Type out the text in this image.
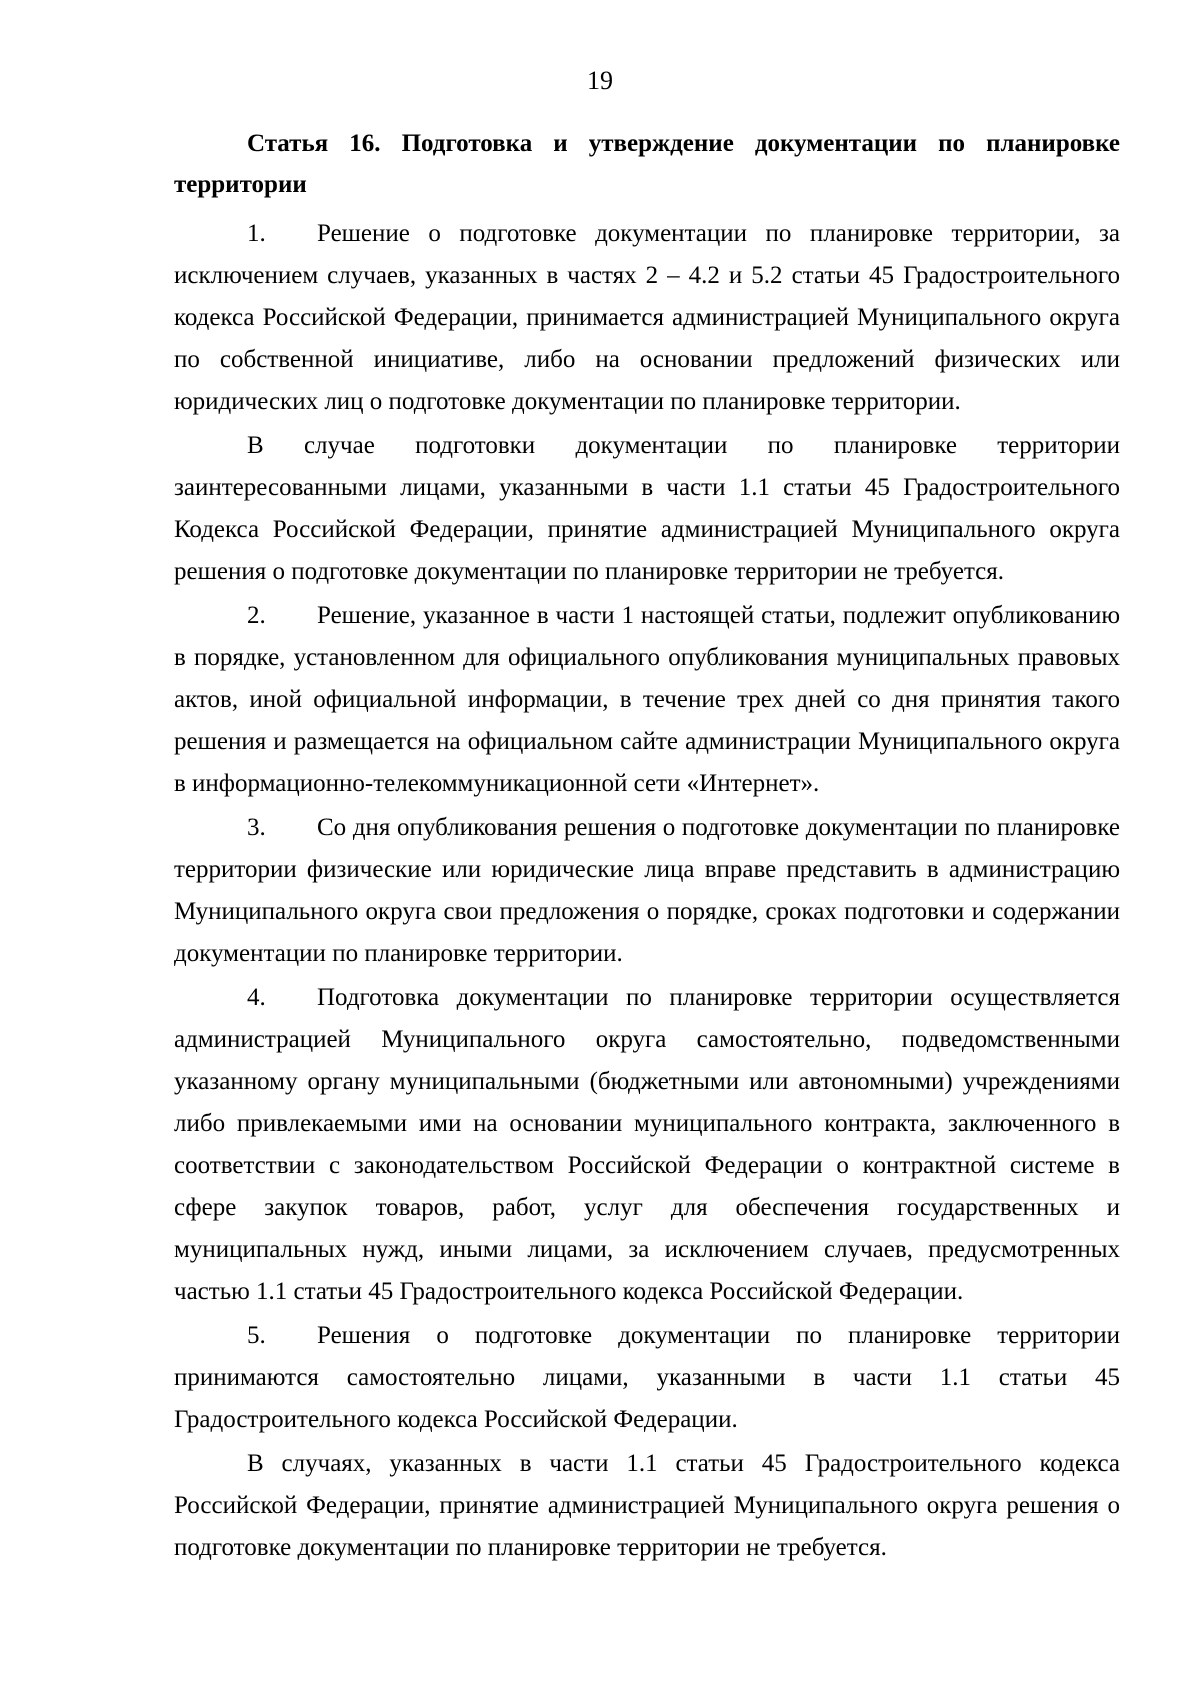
19

Статья 16. Подготовка и утверждение документации по планировке территории

1. Решение о подготовке документации по планировке территории, за исключением случаев, указанных в частях 2 – 4.2 и 5.2 статьи 45 Градостроительного кодекса Российской Федерации, принимается администрацией Муниципального округа по собственной инициативе, либо на основании предложений физических или юридических лиц о подготовке документации по планировке территории.

В случае подготовки документации по планировке территории заинтересованными лицами, указанными в части 1.1 статьи 45 Градостроительного Кодекса Российской Федерации, принятие администрацией Муниципального округа решения о подготовке документации по планировке территории не требуется.

2. Решение, указанное в части 1 настоящей статьи, подлежит опубликованию в порядке, установленном для официального опубликования муниципальных правовых актов, иной официальной информации, в течение трех дней со дня принятия такого решения и размещается на официальном сайте администрации Муниципального округа в информационно-телекоммуникационной сети «Интернет».

3. Со дня опубликования решения о подготовке документации по планировке территории физические или юридические лица вправе представить в администрацию Муниципального округа свои предложения о порядке, сроках подготовки и содержании документации по планировке территории.

4. Подготовка документации по планировке территории осуществляется администрацией Муниципального округа самостоятельно, подведомственными указанному органу муниципальными (бюджетными или автономными) учреждениями либо привлекаемыми ими на основании муниципального контракта, заключенного в соответствии с законодательством Российской Федерации о контрактной системе в сфере закупок товаров, работ, услуг для обеспечения государственных и муниципальных нужд, иными лицами, за исключением случаев, предусмотренных частью 1.1 статьи 45 Градостроительного кодекса Российской Федерации.

5. Решения о подготовке документации по планировке территории принимаются самостоятельно лицами, указанными в части 1.1 статьи 45 Градостроительного кодекса Российской Федерации.

В случаях, указанных в части 1.1 статьи 45 Градостроительного кодекса Российской Федерации, принятие администрацией Муниципального округа решения о подготовке документации по планировке территории не требуется.
